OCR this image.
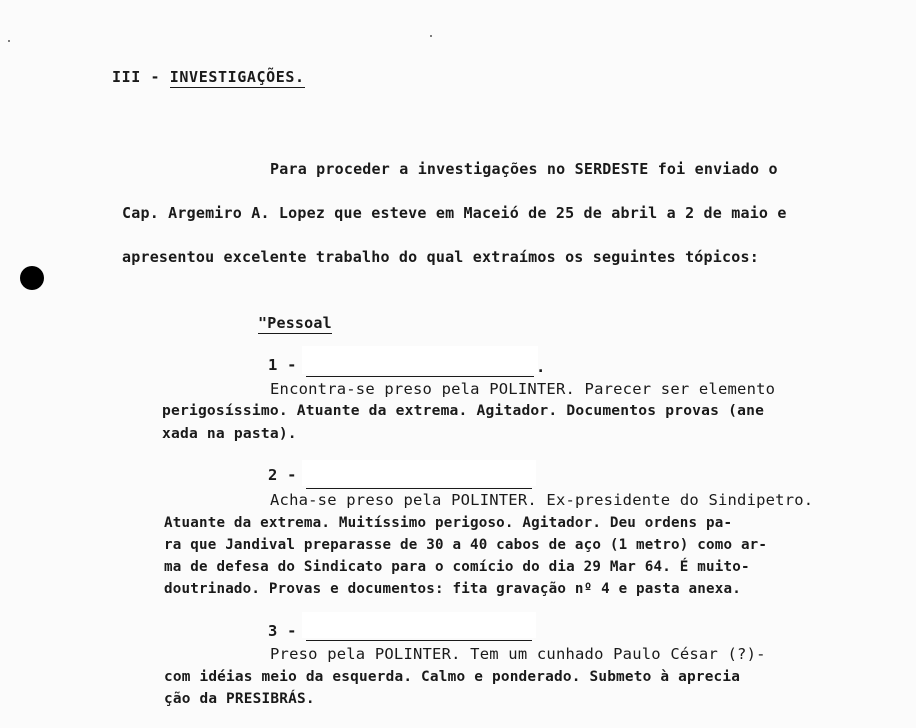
III - INVESTIGAÇÕES.
Para proceder a investigações no SERDESTE foi enviado o
Cap. Argemiro A. Lopez que esteve em Maceió de 25 de abril a 2 de maio e
apresentou excelente trabalho do qual extraímos os seguintes tópicos:
"Pessoal
1 -	.
Encontra-se preso pela POLINTER. Parecer ser elemento
perigosíssimo. Atuante da extrema. Agitador. Documentos provas (ane
xada na pasta).
2 -
Acha-se preso pela POLINTER. Ex-presidente do Sindipetro.
Atuante da extrema. Muitíssimo perigoso. Agitador. Deu ordens pa-
ra que Jandival preparasse de 30 a 40 cabos de aço (1 metro) como ar-
ma de defesa do Sindicato para o comício do dia 29 Mar 64. É muito-
doutrinado. Provas e documentos: fita gravação nº 4 e pasta anexa.
3 -
Preso pela POLINTER. Tem um cunhado Paulo César (?)-
com idéias meio da esquerda. Calmo e ponderado. Submeto à aprecia
ção da PRESIBRÁS.
